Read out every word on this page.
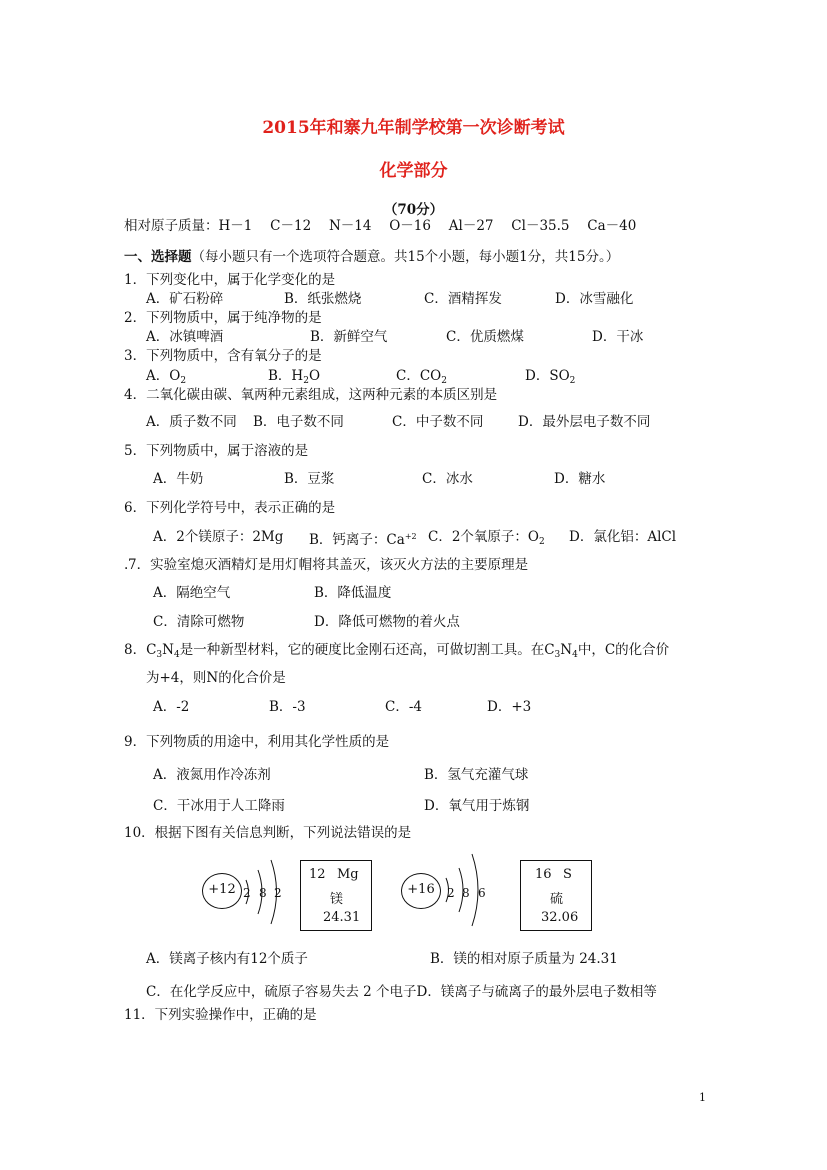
2015年和寨九年制学校第一次诊断考试
化学部分
（70分）
相对原子质量：H－1　 C－12　 N－14　 O－16　 Al－27　 Cl－35.5　 Ca－40
一、选择题（每小题只有一个选项符合题意。共15个小题，每小题1分，共15分。）
1．下列变化中，属于化学变化的是
A．矿石粉碎	B．纸张燃烧	C．酒精挥发	D．冰雪融化
2．下列物质中，属于纯净物的是
A．冰镇啤酒	B．新鲜空气	C．优质燃煤	D．干冰
3．下列物质中，含有氧分子的是
A．$O_2$	B．$H_2O$	C．$CO_2$	D．$SO_2$
4．二氧化碳由碳、氧两种元素组成，这两种元素的本质区别是
A．质子数不同 B．电子数不同	C．中子数不同	D．最外层电子数不同
5．下列物质中，属于溶液的是
A．牛奶	B．豆浆	C．冰水	D．糖水
6．下列化学符号中，表示正确的是
A．2个镁原子：2Mg B．钙离子：$Ca^{+2}$ C．2个氧原子：$O_2$ D．氯化铝：AlCl
. 7．实验室熄灭酒精灯是用灯帽将其盖灭，该灭火方法的主要原理是
A．隔绝空气	B．降低温度
C．清除可燃物	D．降低可燃物的着火点
8．$C_3N_4$是一种新型材料，它的硬度比金刚石还高，可做切割工具。在$C_3N_4$中，C的化合价
为+4，则N的化合价是
A．-2	B．-3	C．-4	D．+3
9．下列物质的用途中，利用其化学性质的是
A．液氮用作冷冻剂	B．氢气充灌气球
C．干冰用于人工降雨	D．氧气用于炼钢
10．根据下图有关信息判断，下列说法错误的是
+12 2 8 2
12 Mg
镁
24.31
+16	2 8 6
16 S
硫
32.06
A．镁离子核内有12个质子	B．镁的相对原子质量为 24.31
C．在化学反应中，硫原子容易失去 2 个电子D．镁离子与硫离子的最外层电子数相等
11．下列实验操作中，正确的是
1
